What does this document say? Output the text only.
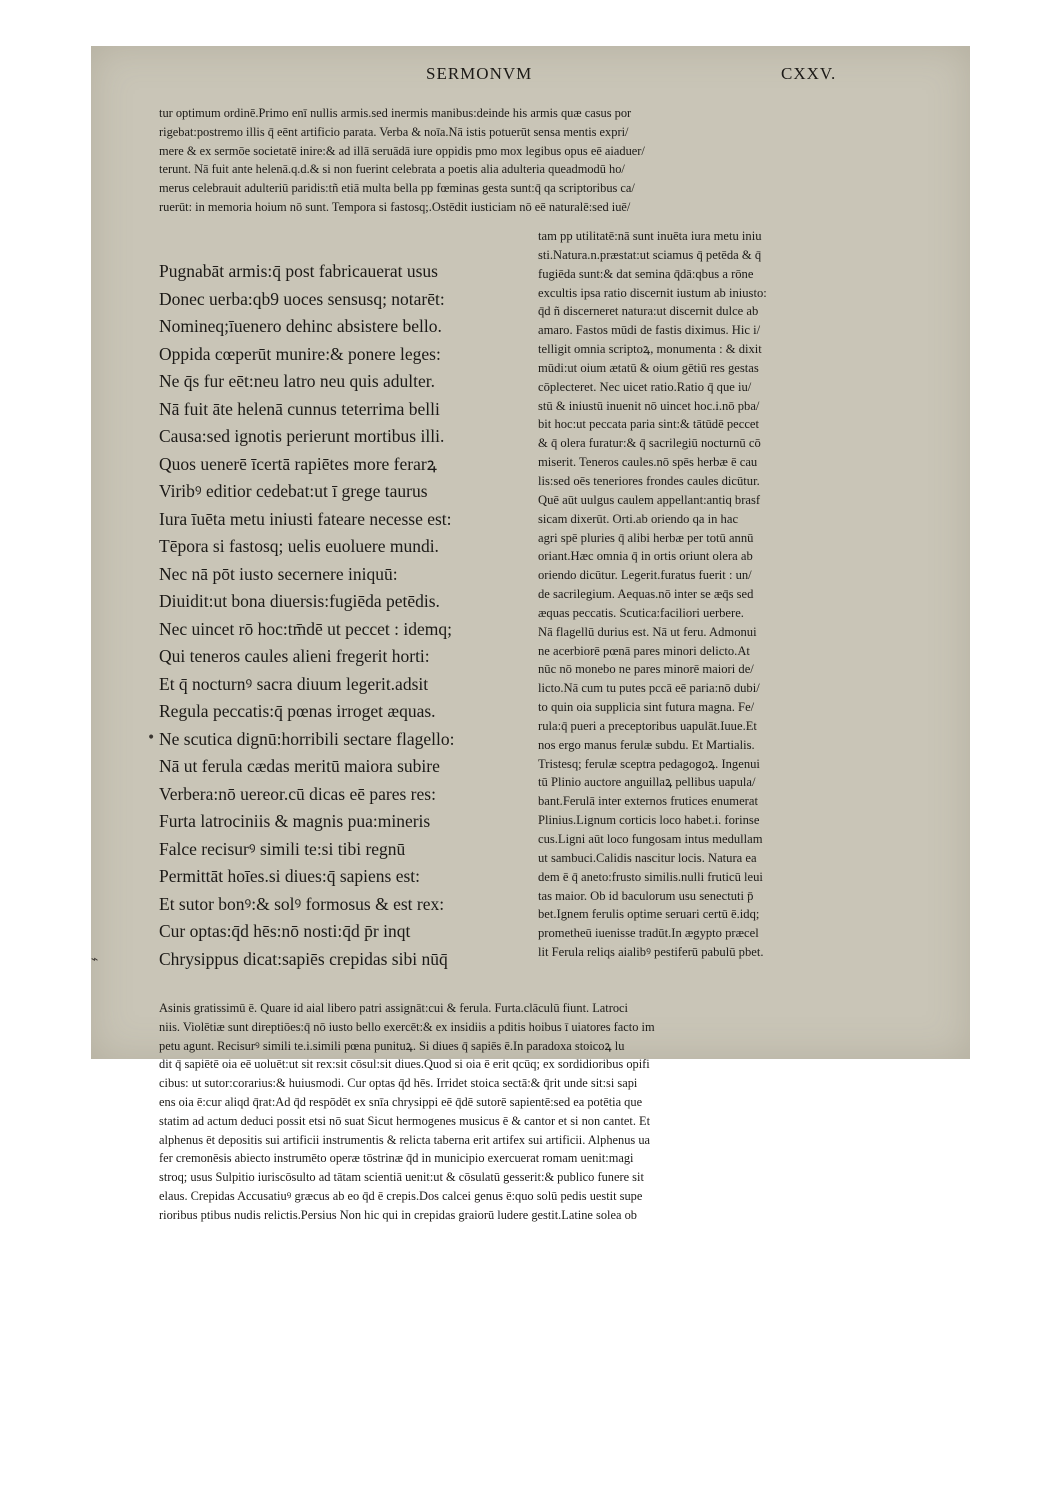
SERMONVM	CXXV.
tur optimum ordinē.Primo enī nullis armis.sed inermis manibus:deinde his armis quæ casus por
rigebat:postremo illis q̄ eēnt artificio parata. Verba & noīa.Nā istis potuerūt sensa mentis expri/
mere & ex sermōe societatē inire:& ad illā seruādā iure oppidis pmo mox legibus opus eē aiaduer/
terunt. Nā fuit ante helenā.q.d.& si non fuerint celebrata a poetis alia adulteria queadmodū ho/
merus celebrauit adulteriū paridis:tñ etiā multa bella pp fœminas gesta sunt:q̄ qa scriptoribus ca/
ruerūt: in memoria hoium nō sunt. Tempora si fastosq;.Ostēdit iusticiam nō eē naturalē:sed iuē/
Pugnabāt armis:q̄ post fabricauerat usus
Donec uerba:qb9 uoces sensusq; notarēt:
Nomineq;īuenero dehinc absistere bello.
Oppida cœperūt munire:& ponere leges:
Ne q̄s fur eēt:neu latro neu quis adulter.
Nā fuit āte helenā cunnus teterrima belli
Causa:sed ignotis perierunt mortibus illi.
Quos uenerē īcertā rapiētes more ferarꝝ
Viribꝰ editior cedebat:ut ī grege taurus
Iura īuēta metu iniusti fateare necesse est:
Tēpora si fastosq; uelis euoluere mundi.
Nec nā pōt iusto secernere iniquū:
Diuidit:ut bona diuersis:fugiēda petēdis.
Nec uincet rō hoc:tm̄dē ut peccet : idemq;
Qui teneros caules alieni fregerit horti:
Et q̄ nocturnꝰ sacra diuum legerit.adsit
Regula peccatis:q̄ pœnas irroget æquas.
Ne scutica dignū:horribili sectare flagello:
Nā ut ferula cædas meritū maiora subire
Verbera:nō uereor.cū dicas eē pares res:
Furta latrociniis & magnis pua:mineris
Falce recisurꝰ simili te:si tibi regnū
Permittāt hoīes.si diues:q̄ sapiens est:
Et sutor bonꝰ:& solꝰ formosus & est rex:
Cur optas:q̄d hēs:nō nosti:q̄d p̄r inqt
Chrysippus dicat:sapiēs crepidas sibi nūq̄
tam pp utilitatē:nā sunt inuēta iura metu iniu
sti.Natura.n.præstat:ut sciamus q̄ petēda & q̄
fugiēda sunt:& dat semina q̄dā:qbus a rōne
excultis ipsa ratio discernit iustum ab iniusto:
q̄d ñ discerneret natura:ut discernit dulce ab
amaro. Fastos mūdi de fastis diximus. Hic i/
telligit omnia scriptoꝝ, monumenta : & dixit
mūdi:ut oium ætatū & oium gētiū res gestas
cōplecteret. Nec uicet ratio.Ratio q̄ que iu/
stū & iniustū inuenit nō uincet hoc.i.nō pba/
bit hoc:ut peccata paria sint:& tātūdē peccet
& q̄ olera furatur:& q̄ sacrilegiū nocturnū cō
miserit. Teneros caules.nō spēs herbæ ē cau
lis:sed oēs teneriores frondes caules dicūtur.
Quē aūt uulgus caulem appellant:antiq brasf
sicam dixerūt. Orti.ab oriendo qa in hac
agri spē pluries q̄ alibi herbæ per totū annū
oriant.Hæc omnia q̄ in ortis oriunt olera ab
oriendo dicūtur. Legerit.furatus fuerit : un/
de sacrilegium. Aequas.nō inter se æq̄s sed
æquas peccatis. Scutica:faciliori uerbere.
Nā flagellū durius est. Nā ut feru. Admonui
ne acerbiorē pœnā pares minori delicto.At
nūc nō monebo ne pares minorē maiori de/
licto.Nā cum tu putes pccā eē paria:nō dubi/
to quin oia supplicia sint futura magna. Fe/
rula:q̄ pueri a preceptoribus uapulāt.Iuue.Et
nos ergo manus ferulæ subdu. Et Martialis.
Tristesq; ferulæ sceptra pedagogoꝝ. Ingenui
tū Plinio auctore anguillaꝝ pellibus uapula/
bant.Ferulā inter externos frutices enumerat
Plinius.Lignum corticis loco habet.i. forinse
cus.Ligni aūt loco fungosam intus medullam
ut sambuci.Calidis nascitur locis. Natura ea
dem ē q̄ aneto:frusto similis.nulli fruticū leui
tas maior. Ob id baculorum usu senectuti p̄
bet.Ignem ferulis optime seruari certū ē.idq;
prometheū iuenisse tradūt.In ægypto præcel
lit Ferula reliqs aialibꝰ pestiferū pabulū pbet.
Asinis gratissimū ē. Quare id aial libero patri assignāt:cui & ferula. Furta.clāculū fiunt. Latroci
niis. Violētiæ sunt direptiōes:q̄ nō iusto bello exercēt:& ex insidiis a pditis hoibus ī uiatores facto im
petu agunt. Recisurꝰ simili te.i.simili pœna punituꝝ. Si diues q̄ sapiēs ē.In paradoxa stoicoꝝ lu
dit q̄ sapiētē oia eē uoluēt:ut sit rex:sit cōsul:sit diues.Quod si oia ē erit qcūq; ex sordidioribus opifi
cibus: ut sutor:corarius:& huiusmodi. Cur optas q̄d hēs. Irridet stoica sectā:& q̄rit unde sit:si sapi
ens oia ē:cur aliqd q̄rat:Ad q̄d respōdēt ex snīa chrysippi eē q̄dē sutorē sapientē:sed ea potētia que
statim ad actum deduci possit etsi nō suat Sicut hermogenes musicus ē & cantor et si non cantet. Et
alphenus ēt depositis sui artificii instrumentis & relicta taberna erit artifex sui artificii. Alphenus ua
fer cremonēsis abiecto instrumēto operæ tōstrinæ q̄d in municipio exercuerat romam uenit:magi
stroq; usus Sulpitio iuriscōsulto ad tātam scientiā uenit:ut & cōsulatū gesserit:& publico funere sit
elaus. Crepidas Accusatiuꝰ græcus ab eo q̄d ē crepis.Dos calcei genus ē:quo solū pedis uestit supe
rioribus ptibus nudis relictis.Persius Non hic qui in crepidas graiorū ludere gestit.Latine solea ob
•
⌁
